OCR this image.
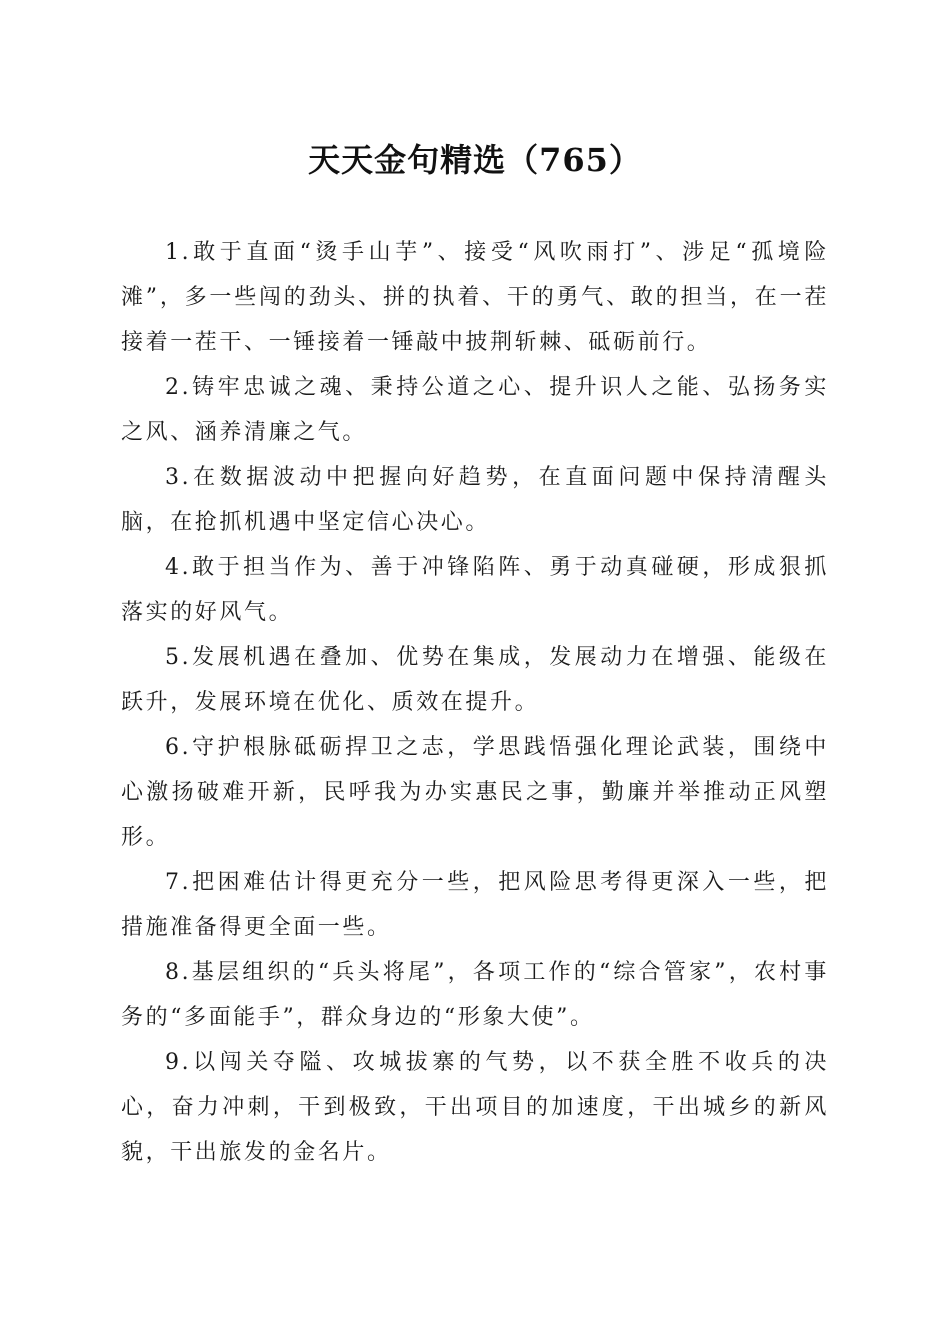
天天金句精选（765）

1.敢于直面“烫手山芋”、接受“风吹雨打”、涉足“孤境险滩”，多一些闯的劲头、拼的执着、干的勇气、敢的担当，在一茬接着一茬干、一锤接着一锤敲中披荆斩棘、砥砺前行。

2.铸牢忠诚之魂、秉持公道之心、提升识人之能、弘扬务实之风、涵养清廉之气。

3.在数据波动中把握向好趋势，在直面问题中保持清醒头脑，在抢抓机遇中坚定信心决心。

4.敢于担当作为、善于冲锋陷阵、勇于动真碰硬，形成狠抓落实的好风气。

5.发展机遇在叠加、优势在集成，发展动力在增强、能级在跃升，发展环境在优化、质效在提升。

6.守护根脉砥砺捍卫之志，学思践悟强化理论武装，围绕中心激扬破难开新，民呼我为办实惠民之事，勤廉并举推动正风塑形。

7.把困难估计得更充分一些，把风险思考得更深入一些，把措施准备得更全面一些。

8.基层组织的“兵头将尾”，各项工作的“综合管家”，农村事务的“多面能手”，群众身边的“形象大使”。

9.以闯关夺隘、攻城拔寨的气势，以不获全胜不收兵的决心，奋力冲刺，干到极致，干出项目的加速度，干出城乡的新风貌，干出旅发的金名片。
